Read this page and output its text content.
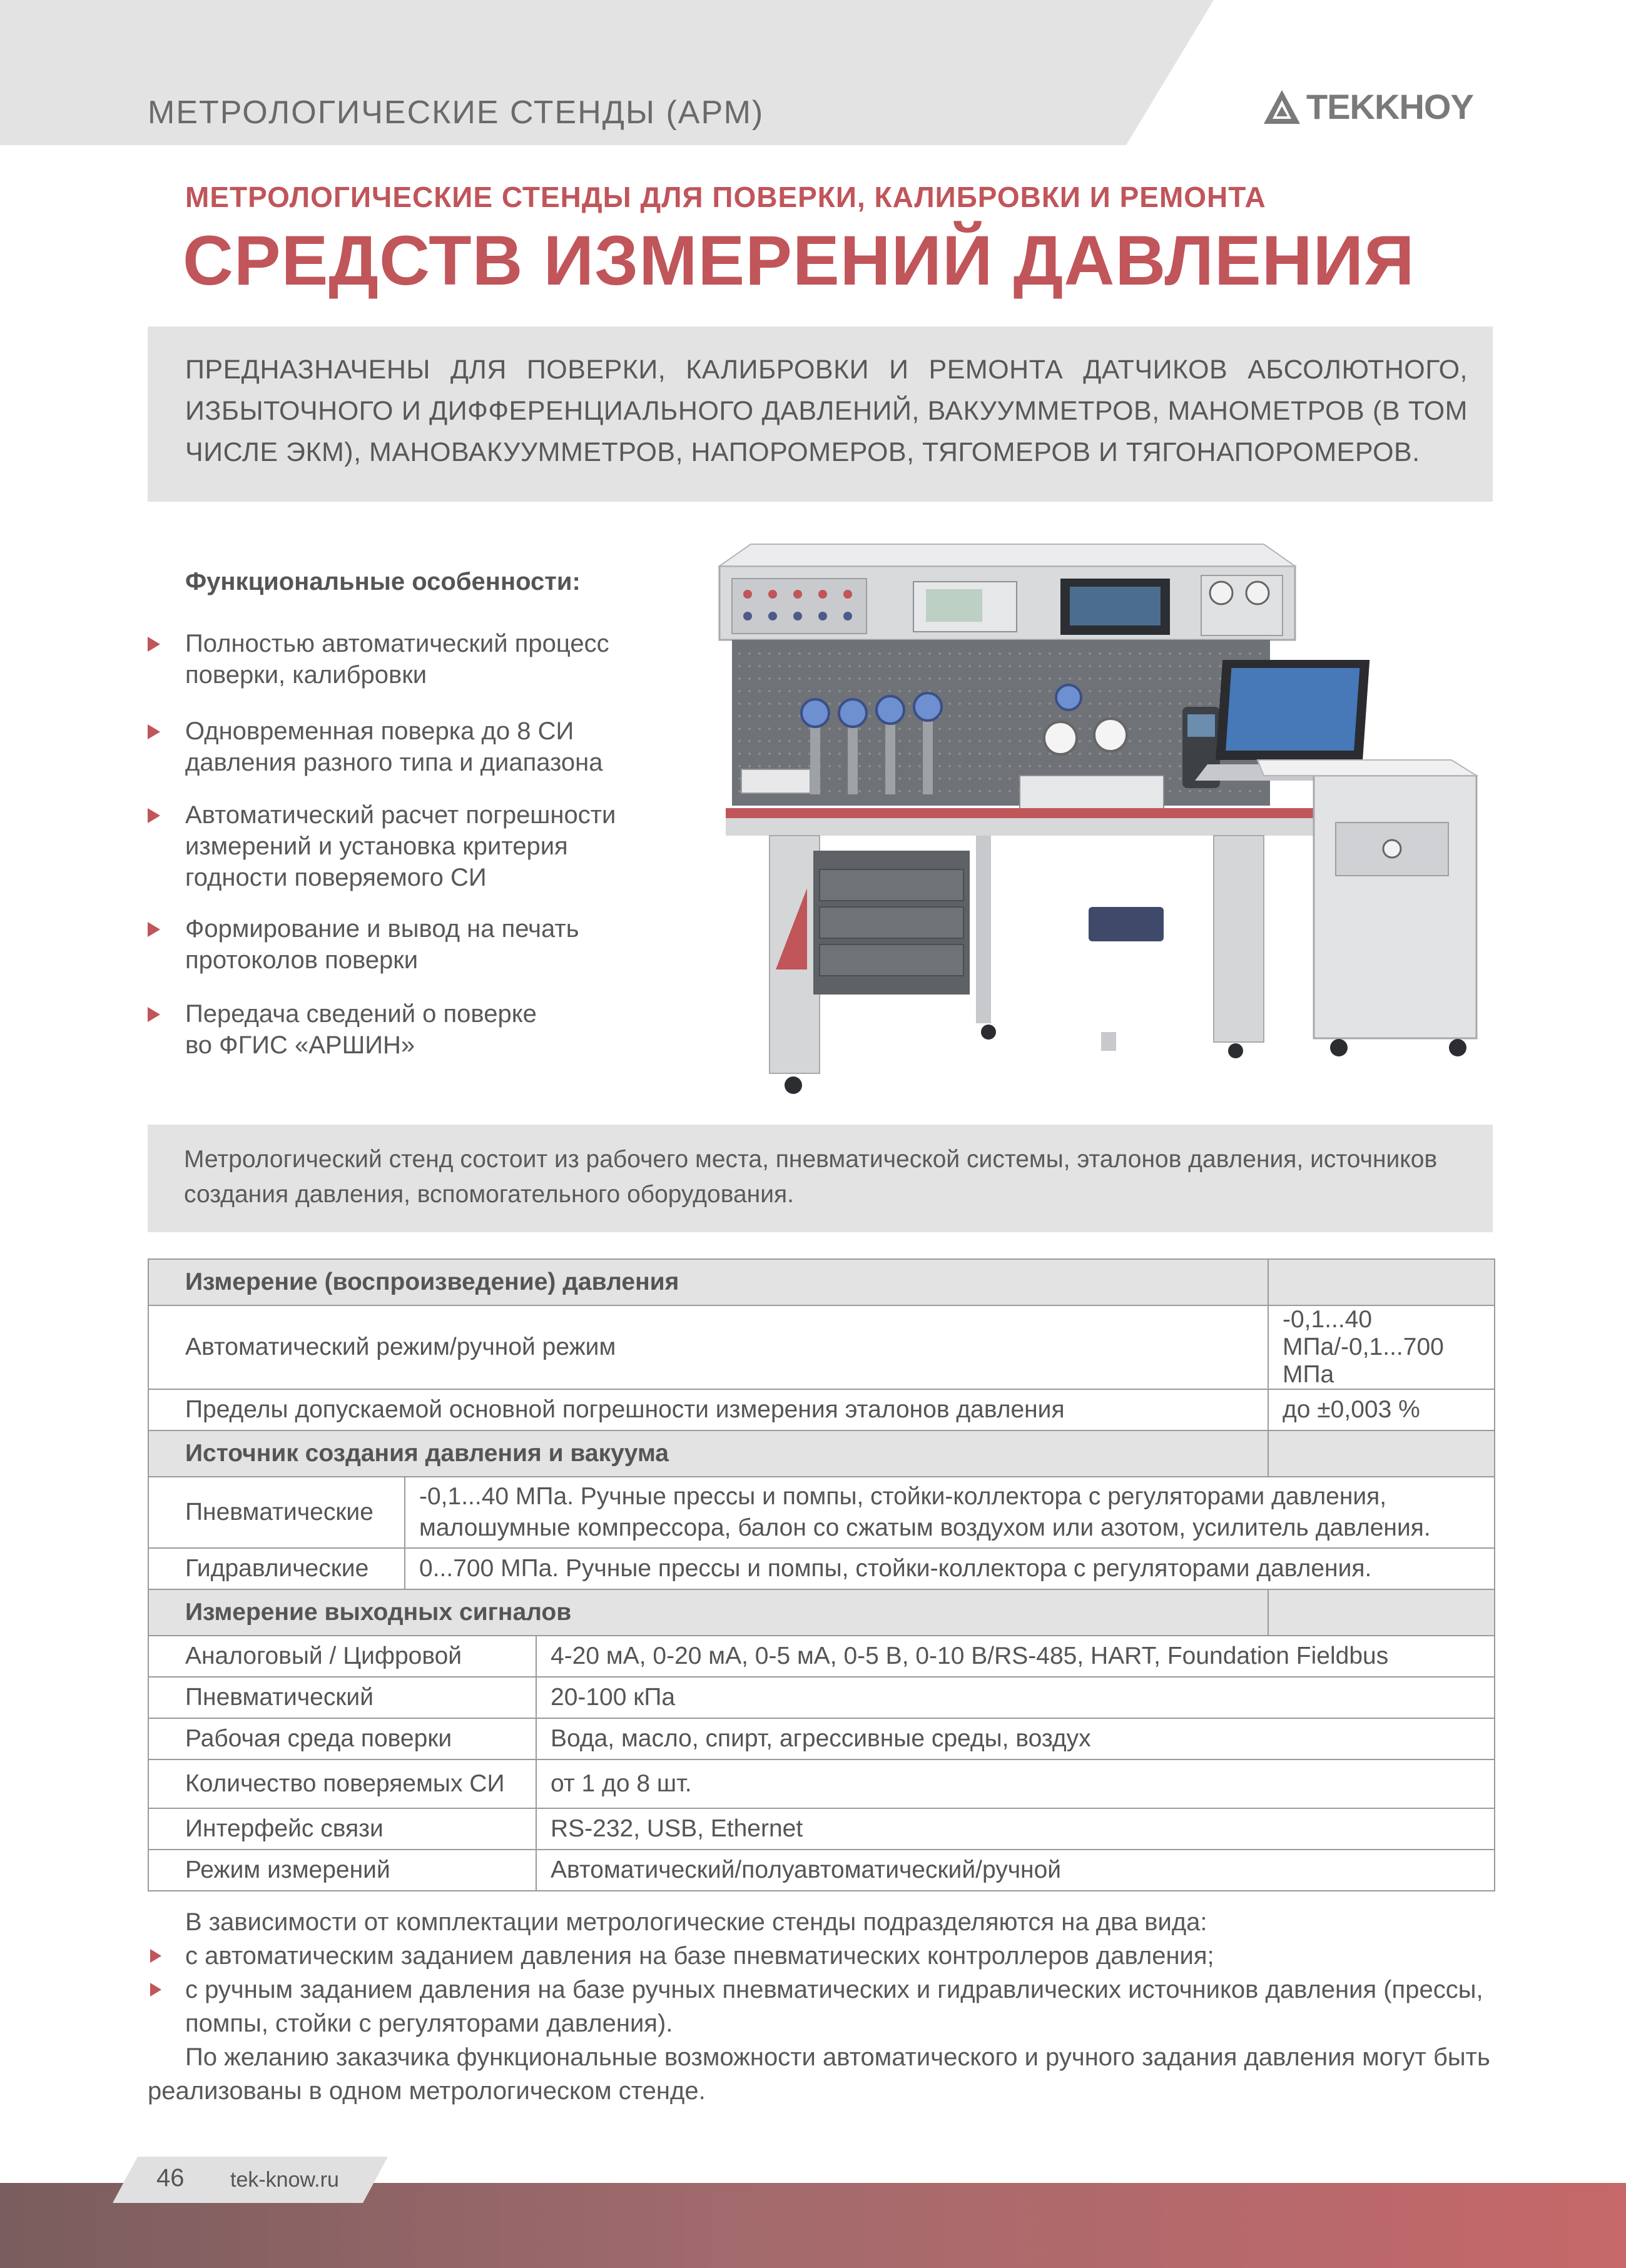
МЕТРОЛОГИЧЕСКИЕ СТЕНДЫ (АРМ)	TEKKHOY
МЕТРОЛОГИЧЕСКИЕ СТЕНДЫ ДЛЯ ПОВЕРКИ, КАЛИБРОВКИ И РЕМОНТА
СРЕДСТВ ИЗМЕРЕНИЙ ДАВЛЕНИЯ

ПРЕДНАЗНАЧЕНЫ ДЛЯ ПОВЕРКИ, КАЛИБРОВКИ И РЕМОНТА ДАТЧИКОВ АБСОЛЮТНОГО, ИЗБЫТОЧНОГО И ДИФФЕРЕНЦИАЛЬНОГО ДАВЛЕНИЙ, ВАКУУММЕТРОВ, МАНОМЕТРОВ (В ТОМ ЧИСЛЕ ЭКМ), МАНОВАКУУММЕТРОВ, НАПОРОМЕРОВ, ТЯГОМЕРОВ И ТЯГОНАПОРОМЕРОВ.

Функциональные особенности:
Полностью автоматический процесс
поверки, калибровки
Одновременная поверка до 8 СИ
давления разного типа и диапазона
Автоматический расчет погрешности
измерений и установка критерия
годности поверяемого СИ
Формирование и вывод на печать
протоколов поверки
Передача сведений о поверке
во ФГИС «АРШИН»

Метрологический стенд состоит из рабочего места, пневматической системы, эталонов давления, источников создания давления, вспомогательного оборудования.

Измерение (воспроизведение) давления			
Автоматический режим/ручной режим			-0,1...40 МПа/-0,1...700 МПа
Пределы допускаемой основной погрешности измерения эталонов давления			до ±0,003 %
Источник создания давления и вакуума			
Пневматические	-0,1...40 МПа. Ручные прессы и помпы, стойки-коллектора с регуляторами давления, малошумные компрессора, балон со сжатым воздухом или азотом, усилитель давления.		
Гидравлические	0...700 МПа. Ручные прессы и помпы, стойки-коллектора с регуляторами давления.		
Измерение выходных сигналов			
Аналоговый / Цифровой		4-20 мА, 0-20 мА, 0-5 мА, 0-5 В, 0-10 В/RS-485, HART, Foundation Fieldbus	
Пневматический		20-100 кПа	
Рабочая среда поверки		Вода, масло, спирт, агрессивные среды, воздух	
Количество поверяемых СИ		от 1 до 8 шт.	
Интерфейс связи		RS-232, USB, Ethernet	
Режим измерений		Автоматический/полуавтоматический/ручной	

В зависимости от комплектации метрологические стенды подразделяются на два вида:

с автоматическим заданием давления на базе пневматических контроллеров давления;

с ручным заданием давления на базе ручных пневматических и гидравлических источников давления (прессы, помпы, стойки с регуляторами давления).

По желанию заказчика функциональные возможности автоматического и ручного задания давления могут быть реализованы в одном метрологическом стенде.

46 tek-know.ru
